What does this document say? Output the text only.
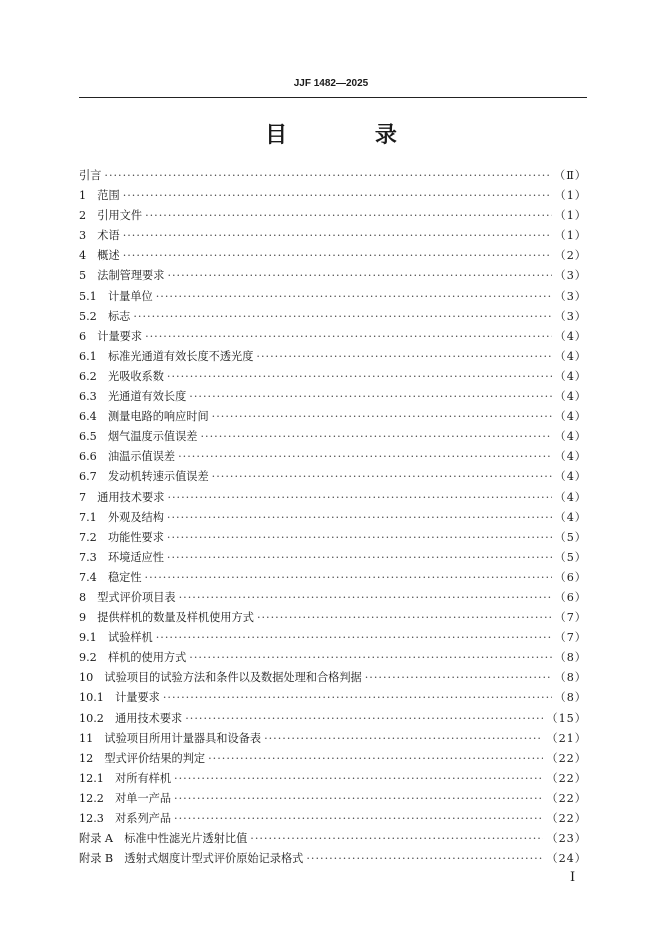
JJF 1482—2025
目 录
引言 ·····	（Ⅱ）
1　范围 ·····	（1）
2　引用文件 ·····	（1）
3　术语 ·····	（1）
4　概述 ·····	（2）
5　法制管理要求 ·····	（3）
5.1　计量单位 ·····	（3）
5.2　标志 ·····	（3）
6　计量要求 ·····	（4）
6.1　标准光通道有效长度不透光度 ·····	（4）
6.2　光吸收系数 ·····	（4）
6.3　光通道有效长度 ·····	（4）
6.4　测量电路的响应时间 ·····	（4）
6.5　烟气温度示值误差 ·····	（4）
6.6　油温示值误差 ·····	（4）
6.7　发动机转速示值误差 ·····	（4）
7　通用技术要求 ·····	（4）
7.1　外观及结构 ·····	（4）
7.2　功能性要求 ·····	（5）
7.3　环境适应性 ·····	（5）
7.4　稳定性 ·····	（6）
8　型式评价项目表 ·····	（6）
9　提供样机的数量及样机使用方式 ·····	（7）
9.1　试验样机 ·····	（7）
9.2　样机的使用方式 ·····	（8）
10　试验项目的试验方法和条件以及数据处理和合格判据 ·····	（8）
10.1　计量要求 ·····	（8）
10.2　通用技术要求 ·····	（15）
11　试验项目所用计量器具和设备表 ·····	（21）
12　型式评价结果的判定 ·····	（22）
12.1　对所有样机 ·····	（22）
12.2　对单一产品 ·····	（22）
12.3　对系列产品 ·····	（22）
附录 A　标准中性滤光片透射比值 ·····	（23）
附录 B　透射式烟度计型式评价原始记录格式 ·····	（24）
Ⅰ
